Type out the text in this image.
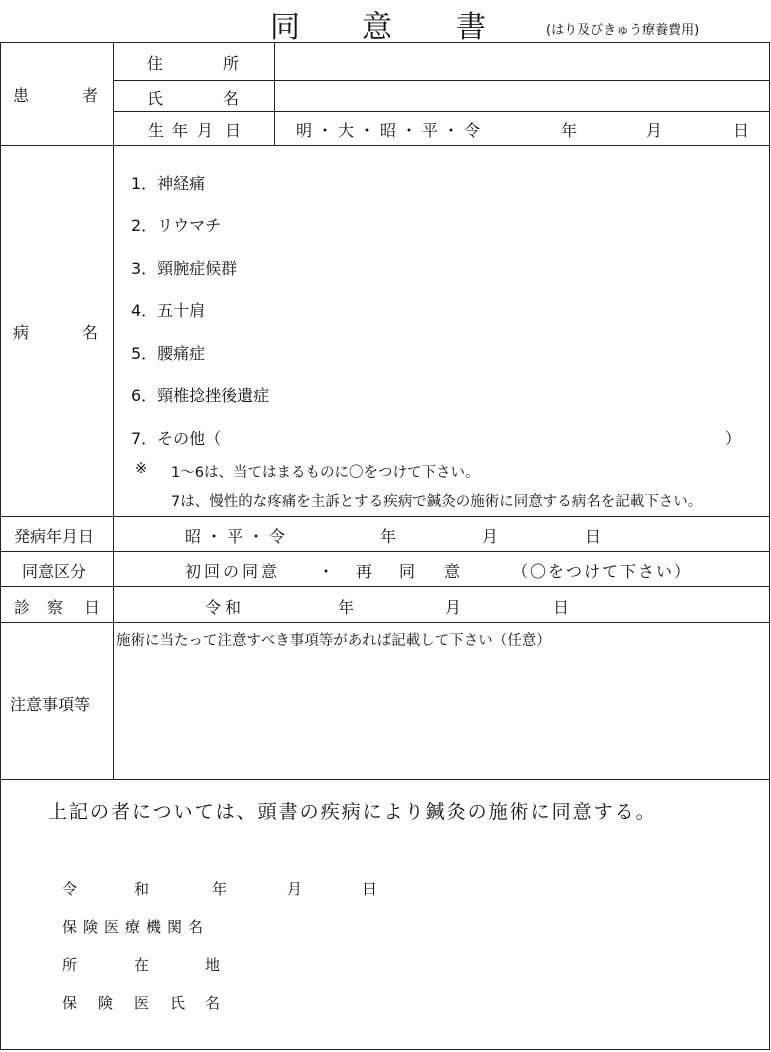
同 意 書	(はり及びきゅう療養費用)
患	者
住	所
氏	名
生 年 月 日	明・大・昭・平・令	年	月	日
病	名
1．神経痛
2．リウマチ
3．頸腕症候群
4．五十肩
5．腰痛症
6．頸椎捻挫後遺症
7．その他（	）
※ 1～6は、当てはまるものに〇をつけて下さい。
7は、慢性的な疼痛を主訴とする疾病で鍼灸の施術に同意する病名を記載下さい。
発病年月日	昭・平・令	年	月	日
同意区分	初回の同意 ・ 再 同 意	（〇をつけて下さい）
診 察 日	令和	年	月	日
注意事項等
施術に当たって注意すべき事項等があれば記載して下さい（任意）
上記の者については、頭書の疾病により鍼灸の施術に同意する。
令	和	年	月	日
保険医療機関名
所	在	地
保 険 医 氏 名
